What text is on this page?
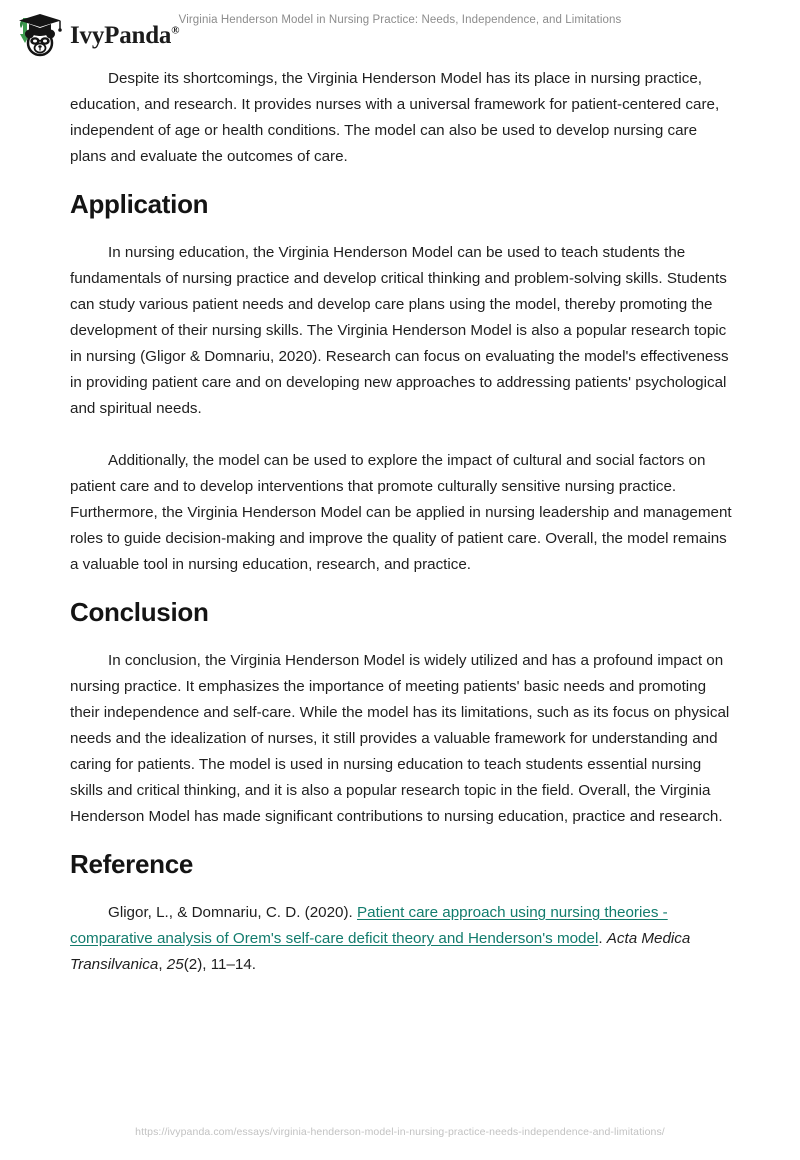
IvyPanda®
Virginia Henderson Model in Nursing Practice: Needs, Independence, and Limitations

Despite its shortcomings, the Virginia Henderson Model has its place in nursing practice, education, and research. It provides nurses with a universal framework for patient-centered care, independent of age or health conditions. The model can also be used to develop nursing care plans and evaluate the outcomes of care.

Application

In nursing education, the Virginia Henderson Model can be used to teach students the fundamentals of nursing practice and develop critical thinking and problem-solving skills. Students can study various patient needs and develop care plans using the model, thereby promoting the development of their nursing skills. The Virginia Henderson Model is also a popular research topic in nursing (Gligor & Domnariu, 2020). Research can focus on evaluating the model's effectiveness in providing patient care and on developing new approaches to addressing patients' psychological and spiritual needs.

Additionally, the model can be used to explore the impact of cultural and social factors on patient care and to develop interventions that promote culturally sensitive nursing practice. Furthermore, the Virginia Henderson Model can be applied in nursing leadership and management roles to guide decision-making and improve the quality of patient care. Overall, the model remains a valuable tool in nursing education, research, and practice.

Conclusion

In conclusion, the Virginia Henderson Model is widely utilized and has a profound impact on nursing practice. It emphasizes the importance of meeting patients' basic needs and promoting their independence and self-care. While the model has its limitations, such as its focus on physical needs and the idealization of nurses, it still provides a valuable framework for understanding and caring for patients. The model is used in nursing education to teach students essential nursing skills and critical thinking, and it is also a popular research topic in the field. Overall, the Virginia Henderson Model has made significant contributions to nursing education, practice and research.

Reference

Gligor, L., & Domnariu, C. D. (2020). Patient care approach using nursing theories - comparative analysis of Orem's self-care deficit theory and Henderson's model. Acta Medica Transilvanica, 25(2), 11–14.

https://ivypanda.com/essays/virginia-henderson-model-in-nursing-practice-needs-independence-and-limitations/
